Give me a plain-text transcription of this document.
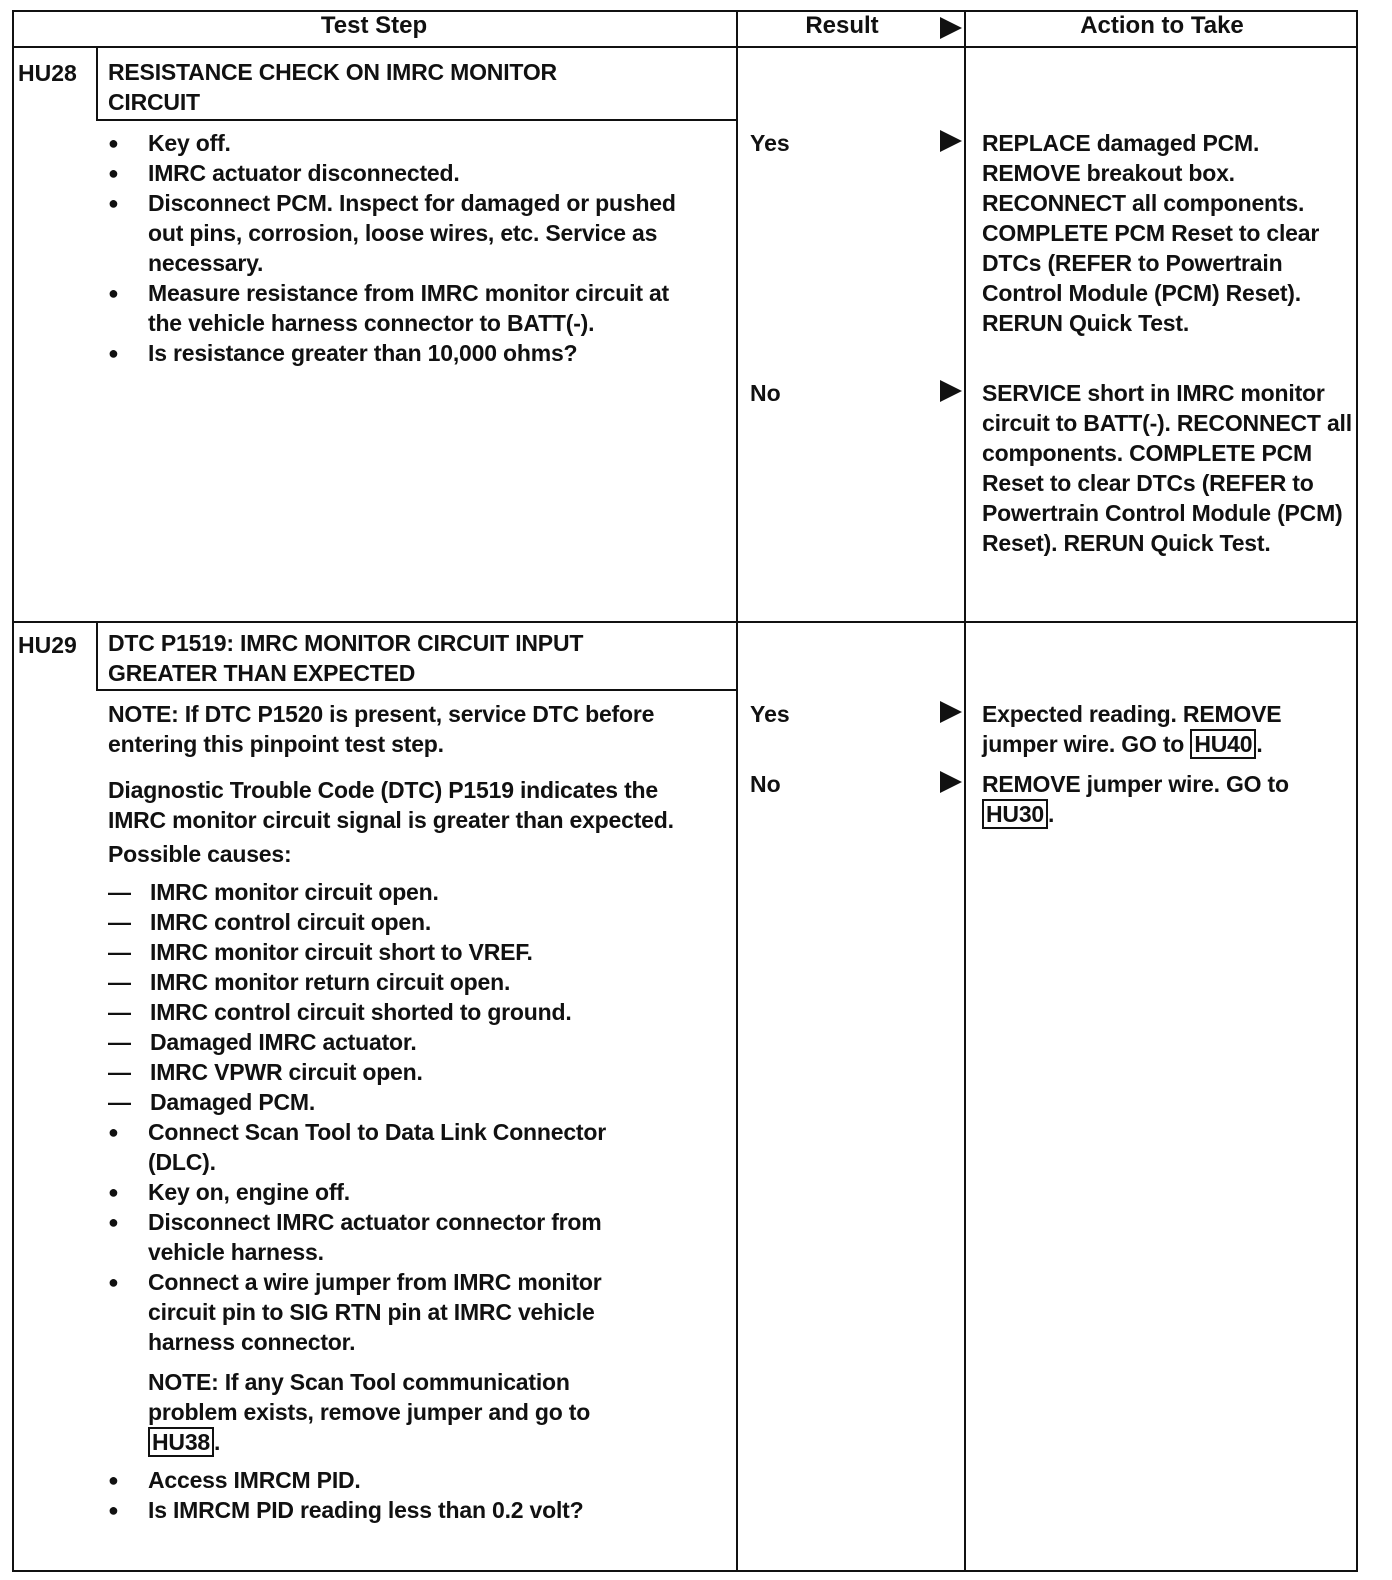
Test Step	Result	Action to Take
HU28 RESISTANCE CHECK ON IMRC MONITOR
CIRCUIT
● Key off.
● IMRC actuator disconnected.
● Disconnect PCM. Inspect for damaged or pushed out pins, corrosion, loose wires, etc. Service as necessary.
● Measure resistance from IMRC monitor circuit at the vehicle harness connector to BATT(-).
● Is resistance greater than 10,000 ohms?
Yes	REPLACE damaged PCM. REMOVE breakout box. RECONNECT all components. COMPLETE PCM Reset to clear DTCs (REFER to Powertrain Control Module (PCM) Reset). RERUN Quick Test.
No	SERVICE short in IMRC monitor circuit to BATT(-). RECONNECT all components. COMPLETE PCM Reset to clear DTCs (REFER to Powertrain Control Module (PCM) Reset). RERUN Quick Test.
HU29 DTC P1519: IMRC MONITOR CIRCUIT INPUT
GREATER THAN EXPECTED

NOTE: If DTC P1520 is present, service DTC before entering this pinpoint test step.

Diagnostic Trouble Code (DTC) P1519 indicates the IMRC monitor circuit signal is greater than expected.

Possible causes:

— IMRC monitor circuit open.
— IMRC control circuit open.
— IMRC monitor circuit short to VREF.
— IMRC monitor return circuit open.
— IMRC control circuit shorted to ground.
— Damaged IMRC actuator.
— IMRC VPWR circuit open.
— Damaged PCM.
● Connect Scan Tool to Data Link Connector (DLC).
● Key on, engine off.
● Disconnect IMRC actuator connector from vehicle harness.
● Connect a wire jumper from IMRC monitor circuit pin to SIG RTN pin at IMRC vehicle harness connector.

NOTE: If any Scan Tool communication problem exists, remove jumper and go to HU38 .

● Access IMRCM PID.
● Is IMRCM PID reading less than 0.2 volt?
Yes	Expected reading. REMOVE jumper wire. GO to HU40 .
No	REMOVE jumper wire. GO to HU30 .
